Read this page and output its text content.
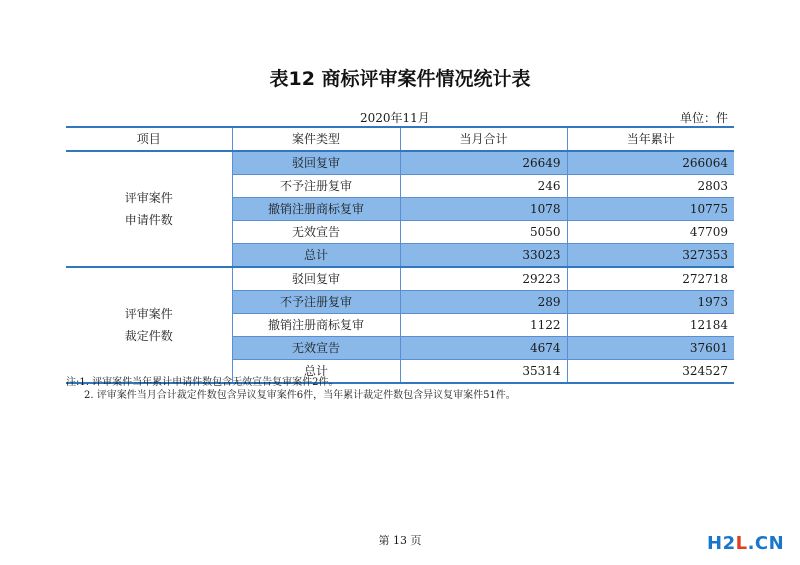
表12 商标评审案件情况统计表
2020年11月	单位：件
项目	案件类型	当月合计	当年累计
评审案件
申请件数	驳回复审	26649	266064
	不予注册复审	246	2803
	撤销注册商标复审	1078	10775
	无效宣告	5050	47709
	总计	33023	327353
评审案件
裁定件数	驳回复审	29223	272718
	不予注册复审	289	1973
	撤销注册商标复审	1122	12184
	无效宣告	4674	37601
	总计	35314	324527
注:1. 评审案件当年累计申请件数包含无效宣告复审案件2件。
2. 评审案件当月合计裁定件数包含异议复审案件6件，当年累计裁定件数包含异议复审案件51件。
第 13 页	H2L.CN
